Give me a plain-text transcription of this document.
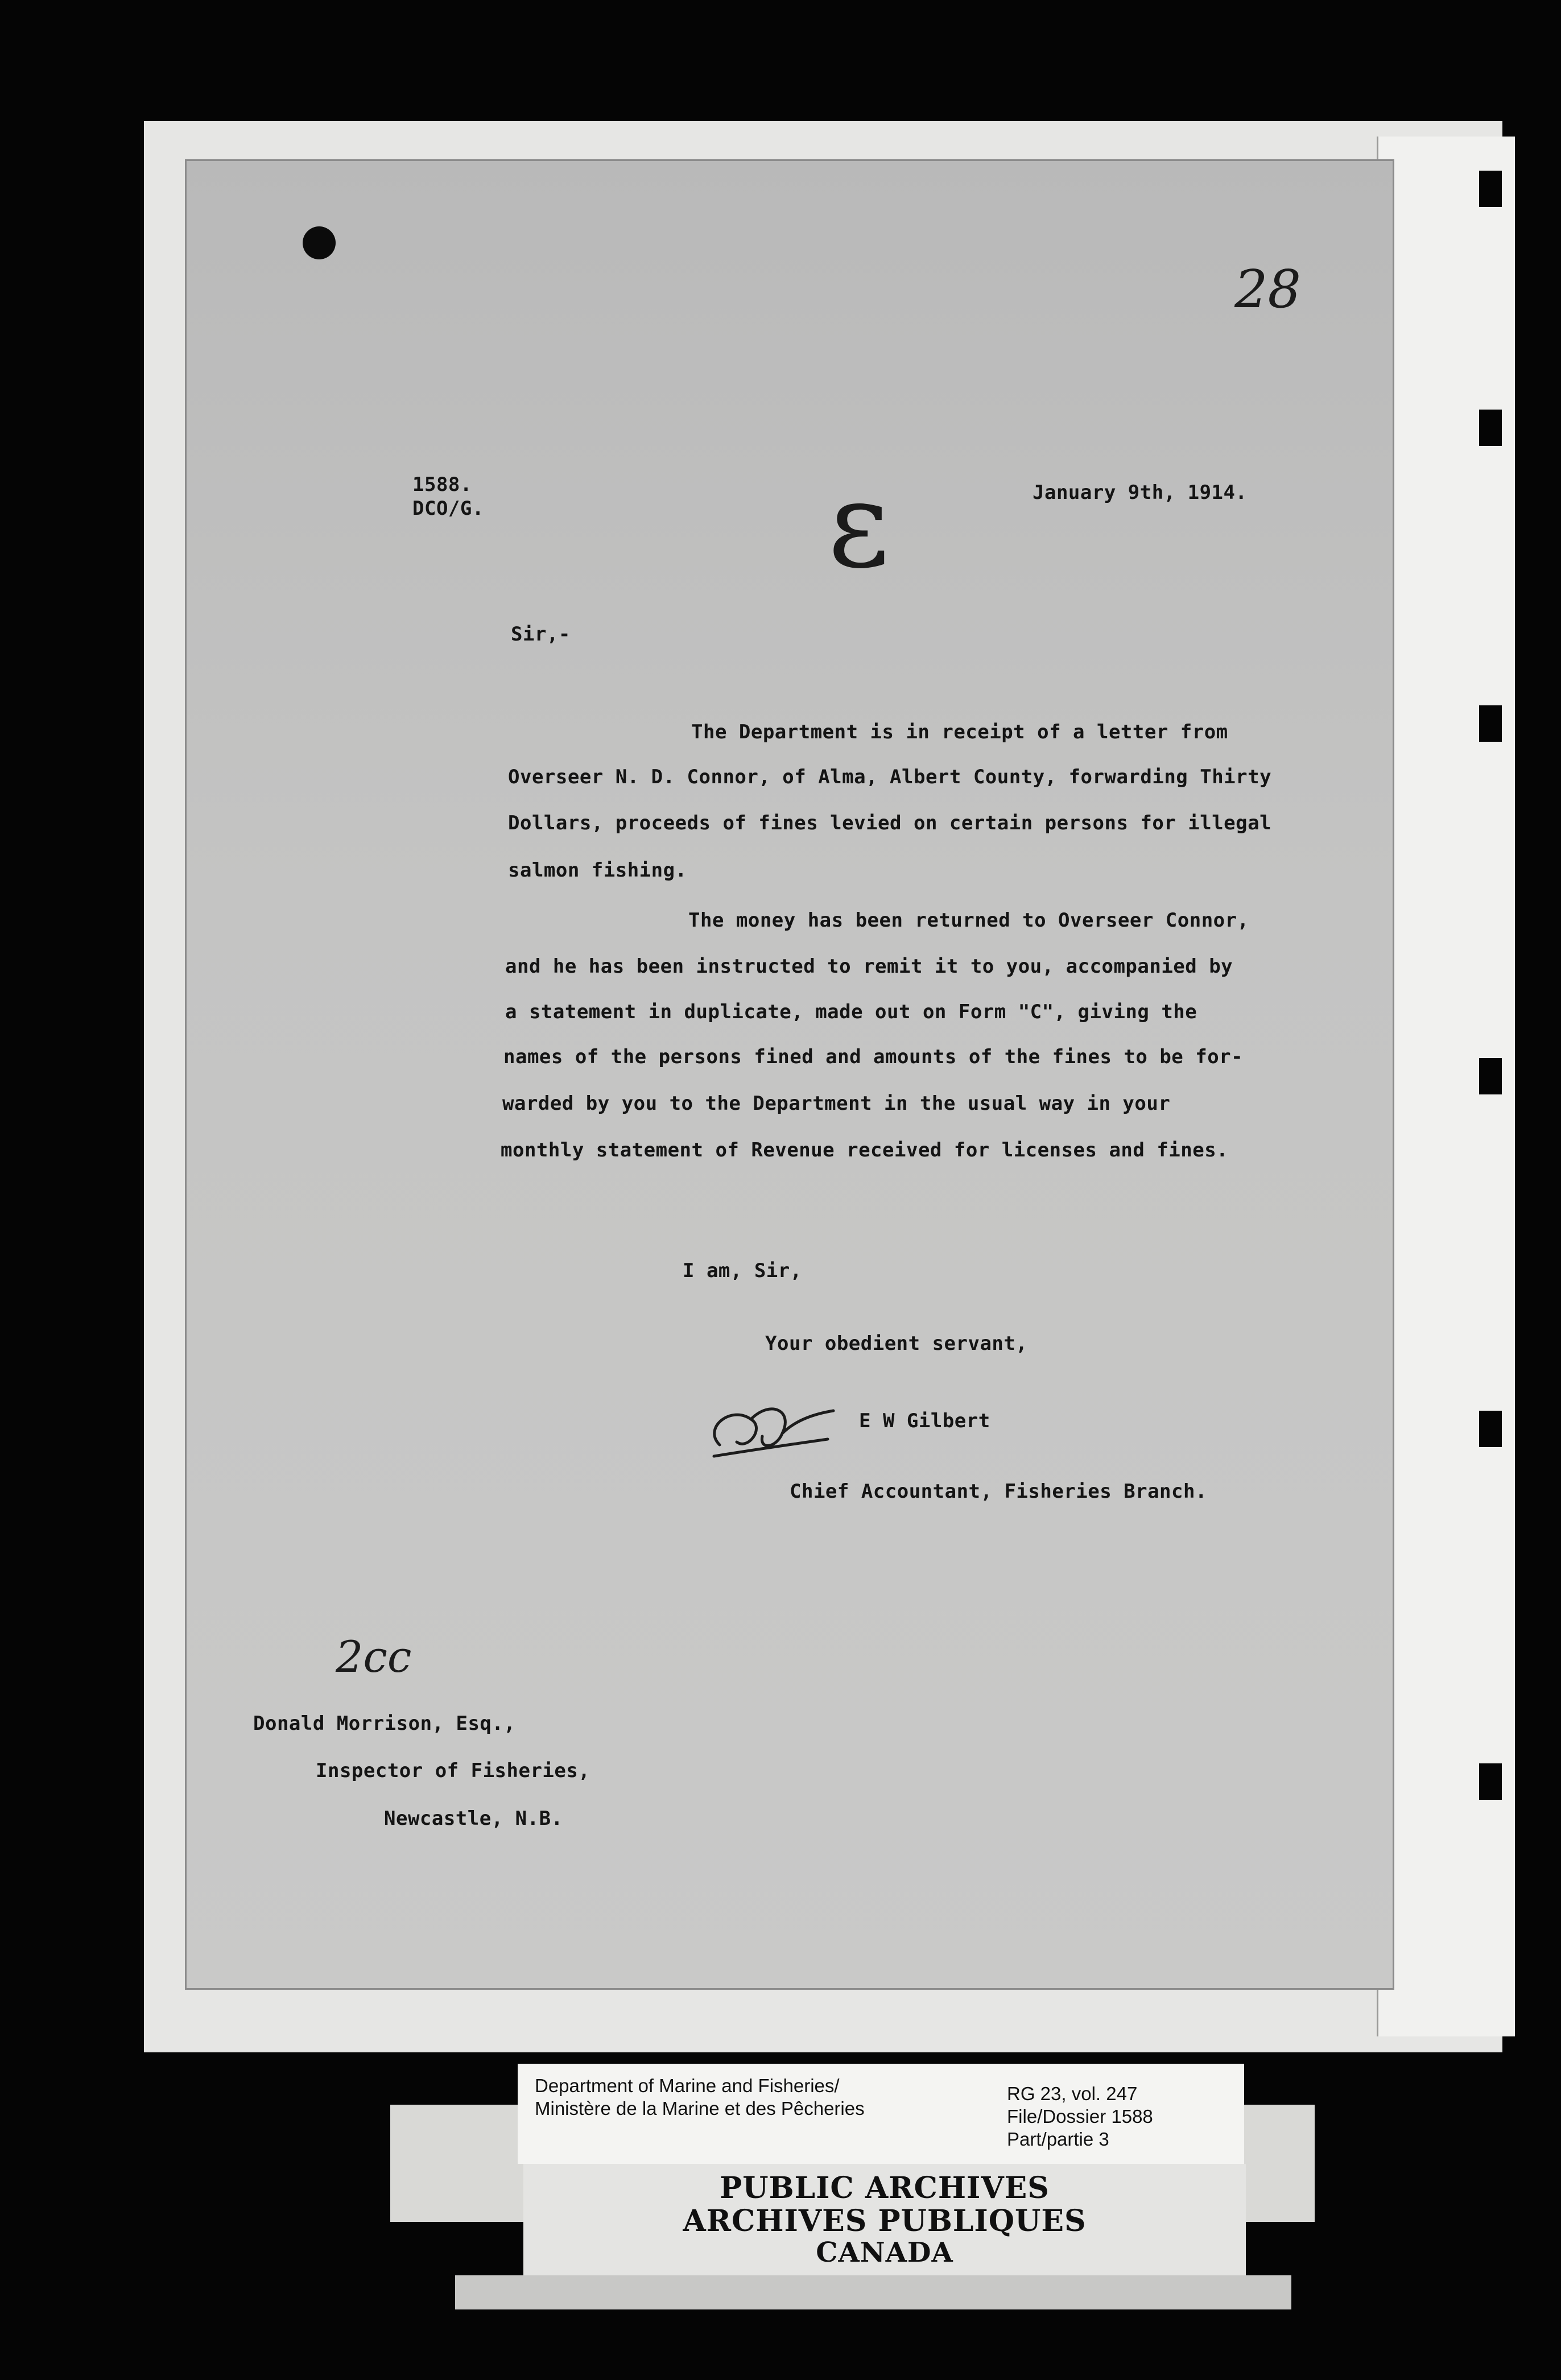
28
1588.
DCO/G.
January 9th, 1914.
ε
Sir,-
The Department is in receipt of a letter from
Overseer N. D. Connor, of Alma, Albert County, forwarding Thirty
Dollars, proceeds of fines levied on certain persons for illegal
salmon fishing.
The money has been returned to Overseer Connor,
and he has been instructed to remit it to you, accompanied by
a statement in duplicate, made out on Form "C", giving the
names of the persons fined and amounts of the fines to be for-
warded by you to the Department in the usual way in your
monthly statement of Revenue received for licenses and fines.
I am, Sir,
Your obedient servant,
E W Gilbert
Chief Accountant, Fisheries Branch.
2cc
Donald Morrison, Esq.,
Inspector of Fisheries,
Newcastle, N.B.
Department of Marine and Fisheries/
Ministère de la Marine et des Pêcheries
RG 23, vol. 247
File/Dossier 1588
Part/partie 3
PUBLIC ARCHIVES
ARCHIVES PUBLIQUES
CANADA
